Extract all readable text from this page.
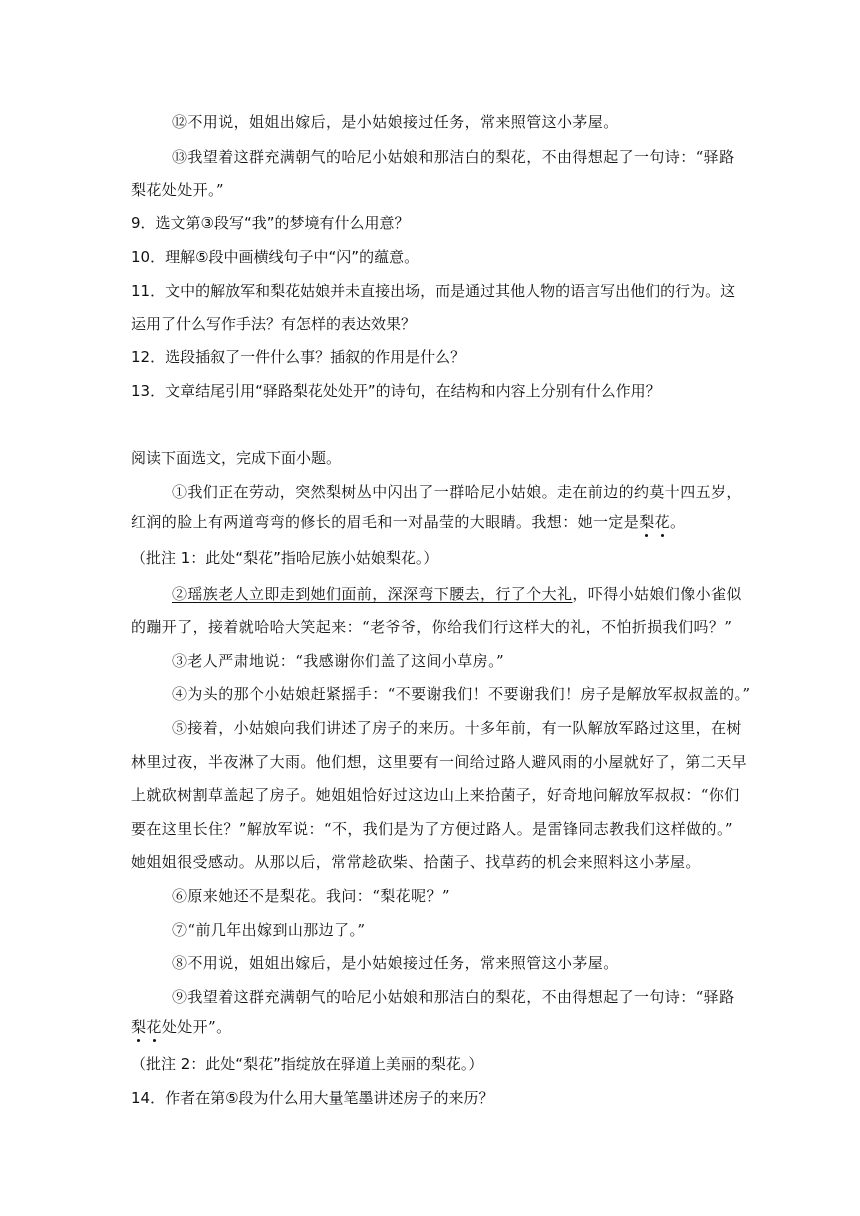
⑫不用说，姐姐出嫁后，是小姑娘接过任务，常来照管这小茅屋。
⑬我望着这群充满朝气的哈尼小姑娘和那洁白的梨花，不由得想起了一句诗：“驿路
梨花处处开。”
9．选文第③段写“我”的梦境有什么用意？
10．理解⑤段中画横线句子中“闪”的蕴意。
11．文中的解放军和梨花姑娘并未直接出场，而是通过其他人物的语言写出他们的行为。这
运用了什么写作手法？有怎样的表达效果？
12．选段插叙了一件什么事？插叙的作用是什么？
13．文章结尾引用“驿路梨花处处开”的诗句，在结构和内容上分别有什么作用？
阅读下面选文，完成下面小题。
①我们正在劳动，突然梨树丛中闪出了一群哈尼小姑娘。走在前边的约莫十四五岁，
红润的脸上有两道弯弯的修长的眉毛和一对晶莹的大眼睛。我想：她一定是梨花。
（批注 1：此处“梨花”指哈尼族小姑娘梨花。）
②瑶族老人立即走到她们面前，深深弯下腰去，行了个大礼，吓得小姑娘们像小雀似
的蹦开了，接着就哈哈大笑起来：“老爷爷，你给我们行这样大的礼，不怕折损我们吗？”
③老人严肃地说：“我感谢你们盖了这间小草房。”
④为头的那个小姑娘赶紧摇手：“不要谢我们！不要谢我们！房子是解放军叔叔盖的。”
⑤接着，小姑娘向我们讲述了房子的来历。十多年前，有一队解放军路过这里，在树
林里过夜，半夜淋了大雨。他们想，这里要有一间给过路人避风雨的小屋就好了，第二天早
上就砍树割草盖起了房子。她姐姐恰好过这边山上来拾菌子，好奇地问解放军叔叔：“你们
要在这里长住？”解放军说：“不，我们是为了方便过路人。是雷锋同志教我们这样做的。”
她姐姐很受感动。从那以后，常常趁砍柴、拾菌子、找草药的机会来照料这小茅屋。
⑥原来她还不是梨花。我问：“梨花呢？”
⑦“前几年出嫁到山那边了。”
⑧不用说，姐姐出嫁后，是小姑娘接过任务，常来照管这小茅屋。
⑨我望着这群充满朝气的哈尼小姑娘和那洁白的梨花，不由得想起了一句诗：“驿路
梨花处处开”。
（批注 2：此处“梨花”指绽放在驿道上美丽的梨花。）
14．作者在第⑤段为什么用大量笔墨讲述房子的来历？
